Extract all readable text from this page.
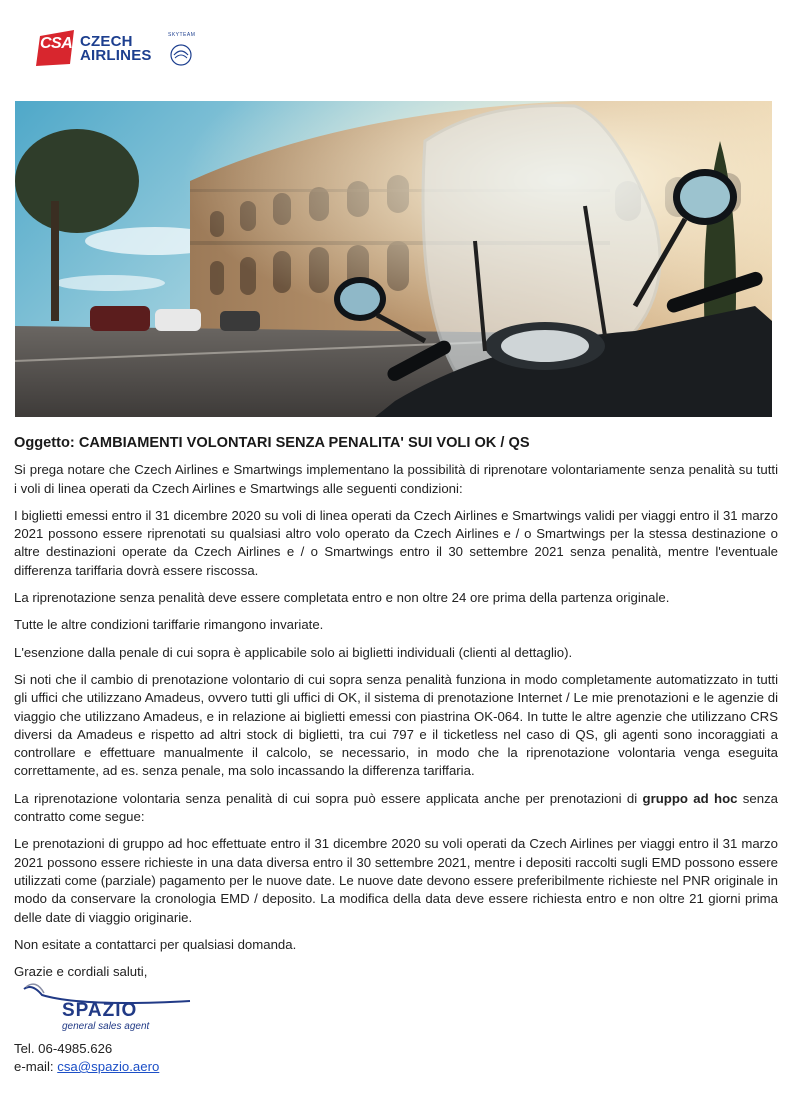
CSA CZECH
AIRLINES
SKYTEAM

Oggetto: CAMBIAMENTI VOLONTARI SENZA PENALITA' SUI VOLI OK / QS

Si prega notare che Czech Airlines e Smartwings implementano la possibilità di riprenotare volontariamente senza penalità su tutti i voli di linea operati da Czech Airlines e Smartwings alle seguenti condizioni:

I biglietti emessi entro il 31 dicembre 2020 su voli di linea operati da Czech Airlines e Smartwings validi per viaggi entro il 31 marzo 2021 possono essere riprenotati su qualsiasi altro volo operato da Czech Airlines e / o Smartwings per la stessa destinazione o altre destinazioni operate da Czech Airlines e / o Smartwings entro il 30 settembre 2021 senza penalità, mentre l'eventuale differenza tariffaria dovrà essere riscossa.

La riprenotazione senza penalità deve essere completata entro e non oltre 24 ore prima della partenza originale.

Tutte le altre condizioni tariffarie rimangono invariate.

L'esenzione dalla penale di cui sopra è applicabile solo ai biglietti individuali (clienti al dettaglio).

Si noti che il cambio di prenotazione volontario di cui sopra senza penalità funziona in modo completamente automatizzato in tutti gli uffici che utilizzano Amadeus, ovvero tutti gli uffici di OK, il sistema di prenotazione Internet / Le mie prenotazioni e le agenzie di viaggio che utilizzano Amadeus, e in relazione ai biglietti emessi con piastrina OK-064. In tutte le altre agenzie che utilizzano CRS diversi da Amadeus e rispetto ad altri stock di biglietti, tra cui 797 e il ticketless nel caso di QS, gli agenti sono incoraggiati a controllare e effettuare manualmente il calcolo, se necessario, in modo che la riprenotazione volontaria venga eseguita correttamente, ad es. senza penale, ma solo incassando la differenza tariffaria.

La riprenotazione volontaria senza penalità di cui sopra può essere applicata anche per prenotazioni di gruppo ad hoc senza contratto come segue:

Le prenotazioni di gruppo ad hoc effettuate entro il 31 dicembre 2020 su voli operati da Czech Airlines per viaggi entro il 31 marzo 2021 possono essere richieste in una data diversa entro il 30 settembre 2021, mentre i depositi raccolti sugli EMD possono essere utilizzati come (parziale) pagamento per le nuove date. Le nuove date devono essere preferibilmente richieste nel PNR originale in modo da conservare la cronologia EMD / deposito. La modifica della data deve essere richiesta entro e non oltre 21 giorni prima delle date di viaggio originarie.

Non esitate a contattarci per qualsiasi domanda.

Grazie e cordiali saluti,

SPAZIO
general sales agent
Tel. 06-4985.626
e-mail: csa@spazio.aero
